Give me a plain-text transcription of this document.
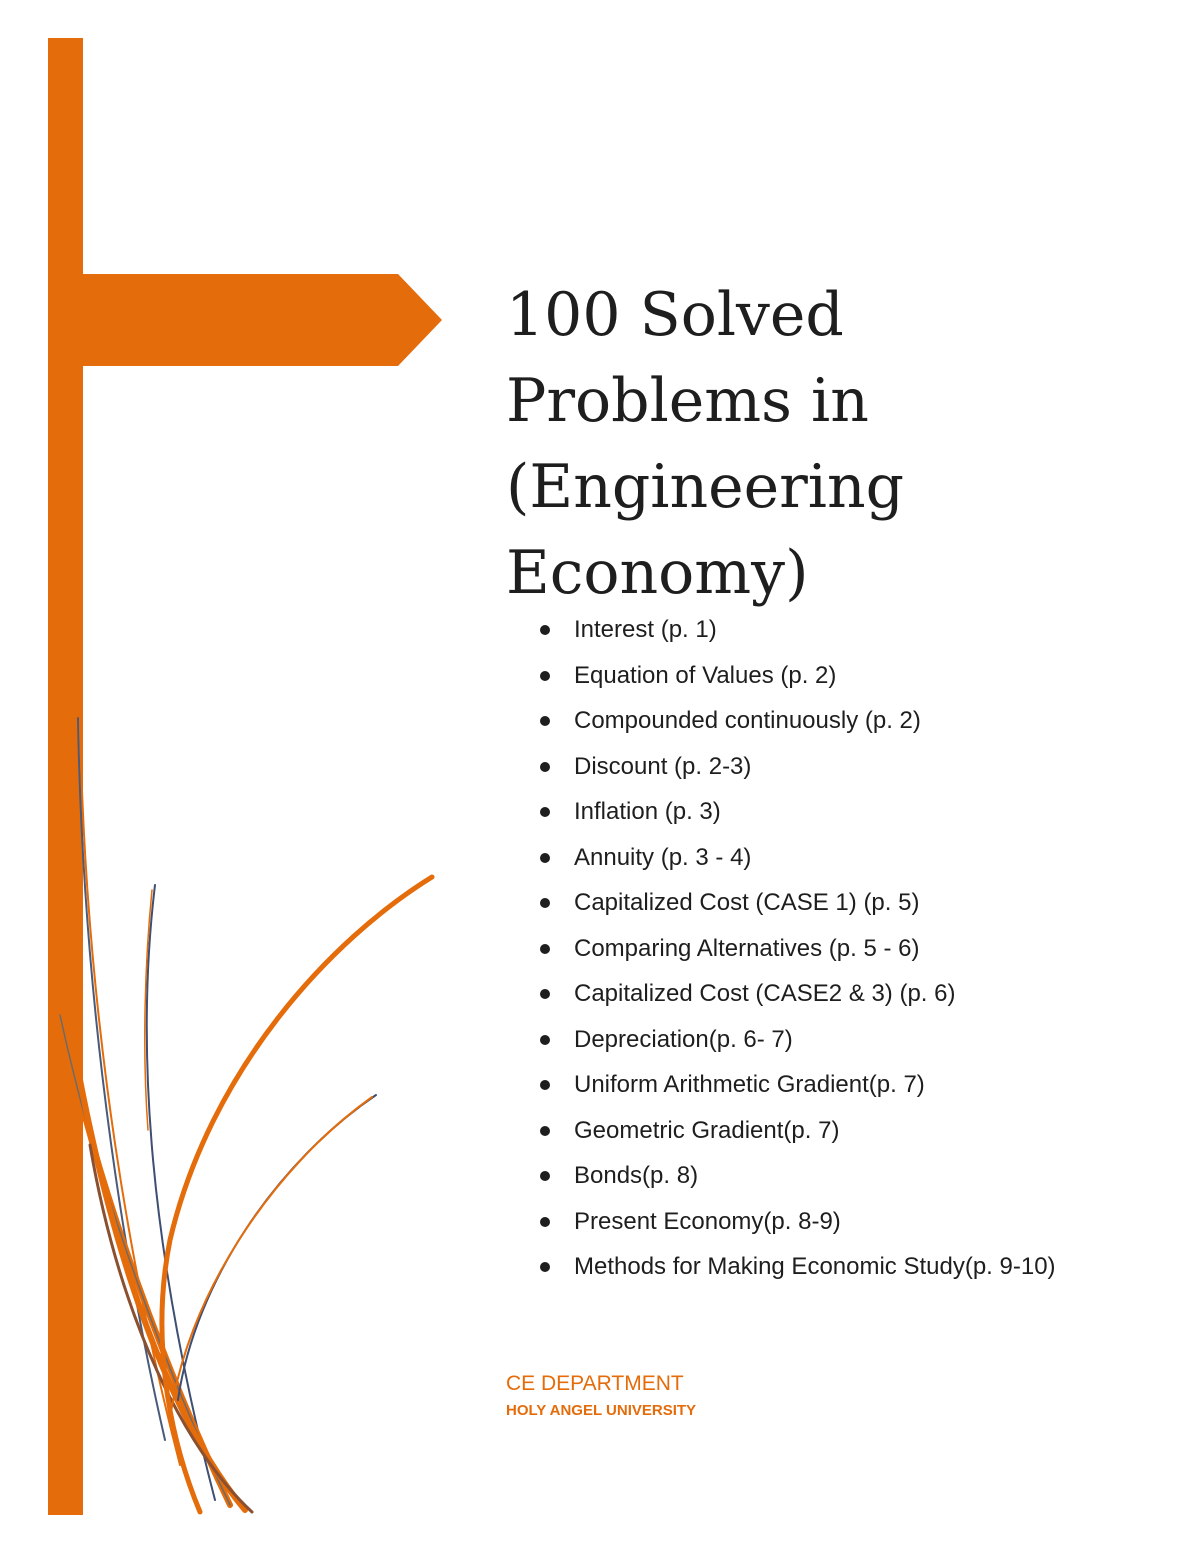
100 Solved
Problems in
(Engineering
Economy)
Interest (p. 1)
Equation of Values (p. 2)
Compounded continuously (p. 2)
Discount (p. 2-3)
Inflation (p. 3)
Annuity (p. 3 - 4)
Capitalized Cost (CASE 1) (p. 5)
Comparing Alternatives (p. 5 - 6)
Capitalized Cost (CASE2 & 3) (p. 6)
Depreciation(p. 6- 7)
Uniform Arithmetic Gradient(p. 7)
Geometric Gradient(p. 7)
Bonds(p. 8)
Present Economy(p. 8-9)
Methods for Making Economic Study(p. 9-10)

CE DEPARTMENT

HOLY ANGEL UNIVERSITY
